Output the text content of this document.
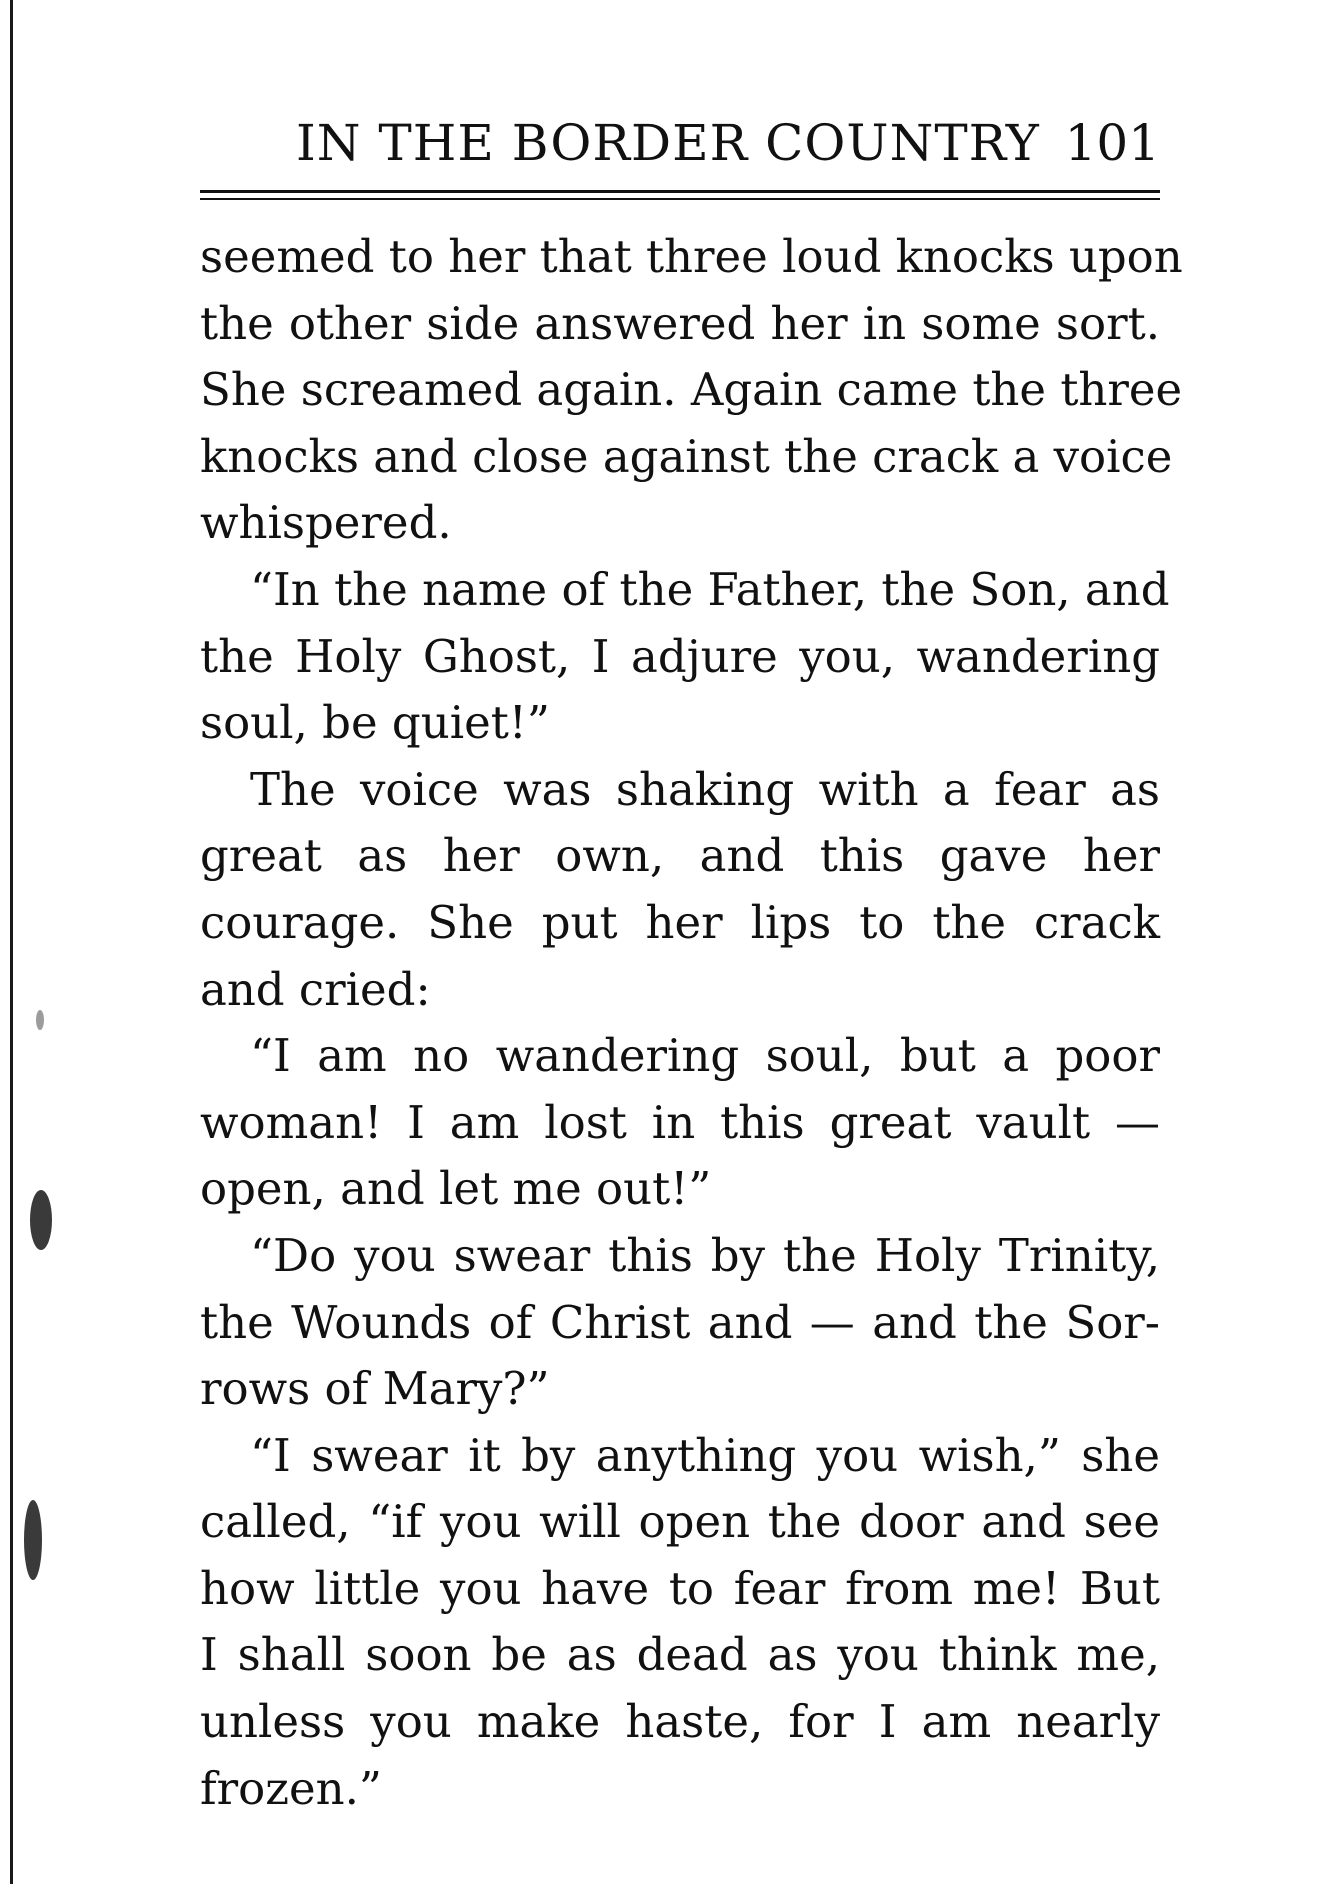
IN THE BORDER COUNTRY 101
seemed to her that three loud knocks upon
the other side answered her in some sort.
She screamed again. Again came the three
knocks and close against the crack a voice
whispered.
“In the name of the Father, the Son, and
the Holy Ghost, I adjure you, wandering
soul, be quiet!”
The voice was shaking with a fear as
great as her own, and this gave her
courage. She put her lips to the crack
and cried:
“I am no wandering soul, but a poor
woman! I am lost in this great vault —
open, and let me out!”
“Do you swear this by the Holy Trinity,
the Wounds of Christ and — and the Sor-
rows of Mary?”
“I swear it by anything you wish,” she
called, “if you will open the door and see
how little you have to fear from me! But
I shall soon be as dead as you think me,
unless you make haste, for I am nearly
frozen.”
